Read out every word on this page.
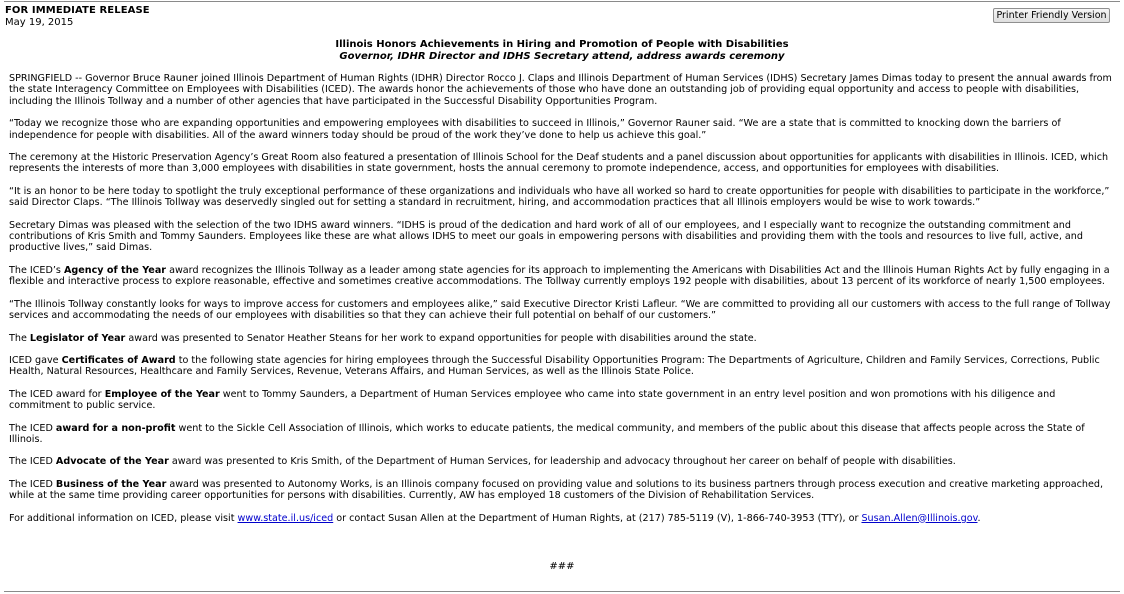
FOR IMMEDIATE RELEASE
May 19, 2015
Printer Friendly Version
Illinois Honors Achievements in Hiring and Promotion of People with Disabilities
Governor, IDHR Director and IDHS Secretary attend, address awards ceremony

SPRINGFIELD -- Governor Bruce Rauner joined Illinois Department of Human Rights (IDHR) Director Rocco J. Claps and Illinois Department of Human Services (IDHS) Secretary James Dimas today to present the annual awards from the state Interagency Committee on Employees with Disabilities (ICED). The awards honor the achievements of those who have done an outstanding job of providing equal opportunity and access to people with disabilities, including the Illinois Tollway and a number of other agencies that have participated in the Successful Disability Opportunities Program.

“Today we recognize those who are expanding opportunities and empowering employees with disabilities to succeed in Illinois,” Governor Rauner said. “We are a state that is committed to knocking down the barriers of independence for people with disabilities. All of the award winners today should be proud of the work they’ve done to help us achieve this goal.”

The ceremony at the Historic Preservation Agency’s Great Room also featured a presentation of Illinois School for the Deaf students and a panel discussion about opportunities for applicants with disabilities in Illinois. ICED, which represents the interests of more than 3,000 employees with disabilities in state government, hosts the annual ceremony to promote independence, access, and opportunities for employees with disabilities.

“It is an honor to be here today to spotlight the truly exceptional performance of these organizations and individuals who have all worked so hard to create opportunities for people with disabilities to participate in the workforce,” said Director Claps. “The Illinois Tollway was deservedly singled out for setting a standard in recruitment, hiring, and accommodation practices that all Illinois employers would be wise to work towards.”

Secretary Dimas was pleased with the selection of the two IDHS award winners. “IDHS is proud of the dedication and hard work of all of our employees, and I especially want to recognize the outstanding commitment and contributions of Kris Smith and Tommy Saunders. Employees like these are what allows IDHS to meet our goals in empowering persons with disabilities and providing them with the tools and resources to live full, active, and productive lives,” said Dimas.

The ICED’s Agency of the Year award recognizes the Illinois Tollway as a leader among state agencies for its approach to implementing the Americans with Disabilities Act and the Illinois Human Rights Act by fully engaging in a flexible and interactive process to explore reasonable, effective and sometimes creative accommodations. The Tollway currently employs 192 people with disabilities, about 13 percent of its workforce of nearly 1,500 employees.

“The Illinois Tollway constantly looks for ways to improve access for customers and employees alike,” said Executive Director Kristi Lafleur. “We are committed to providing all our customers with access to the full range of Tollway services and accommodating the needs of our employees with disabilities so that they can achieve their full potential on behalf of our customers.”

The Legislator of Year award was presented to Senator Heather Steans for her work to expand opportunities for people with disabilities around the state.

ICED gave Certificates of Award to the following state agencies for hiring employees through the Successful Disability Opportunities Program: The Departments of Agriculture, Children and Family Services, Corrections, Public Health, Natural Resources, Healthcare and Family Services, Revenue, Veterans Affairs, and Human Services, as well as the Illinois State Police.

The ICED award for Employee of the Year went to Tommy Saunders, a Department of Human Services employee who came into state government in an entry level position and won promotions with his diligence and commitment to public service.

The ICED award for a non-profit went to the Sickle Cell Association of Illinois, which works to educate patients, the medical community, and members of the public about this disease that affects people across the State of Illinois.

The ICED Advocate of the Year award was presented to Kris Smith, of the Department of Human Services, for leadership and advocacy throughout her career on behalf of people with disabilities.

The ICED Business of the Year award was presented to Autonomy Works, is an Illinois company focused on providing value and solutions to its business partners through process execution and creative marketing approached, while at the same time providing career opportunities for persons with disabilities. Currently, AW has employed 18 customers of the Division of Rehabilitation Services.

For additional information on ICED, please visit www.state.il.us/iced or contact Susan Allen at the Department of Human Rights, at (217) 785-5119 (V), 1-866-740-3953 (TTY), or Susan.Allen@Illinois.gov.

###
